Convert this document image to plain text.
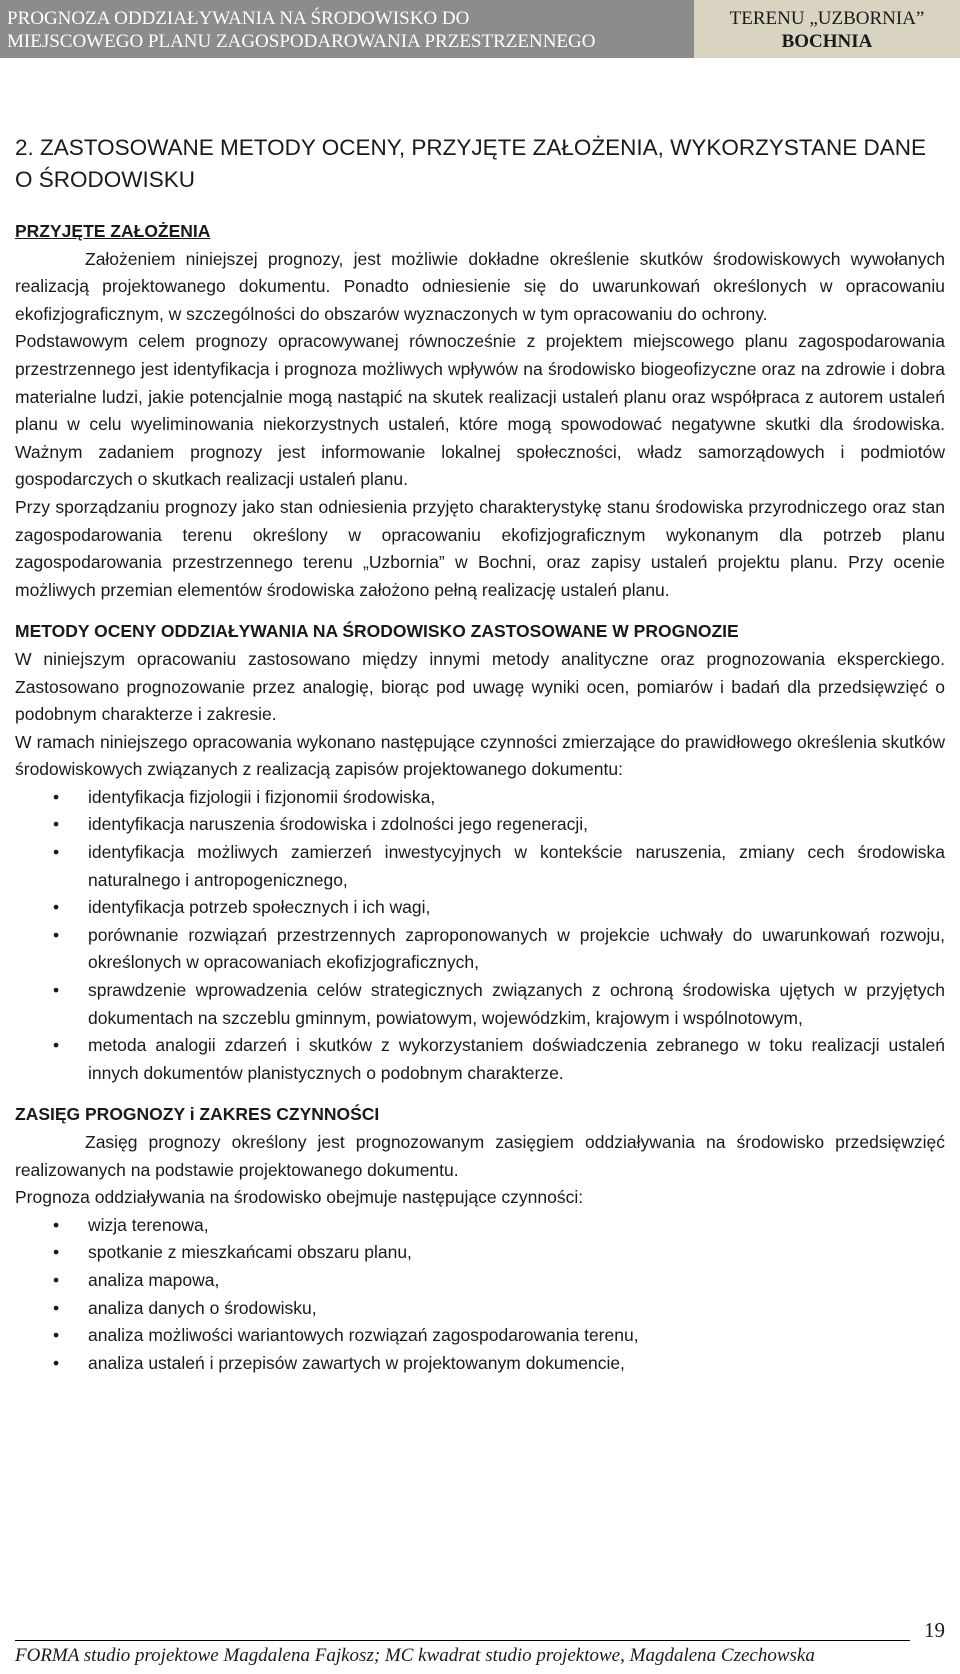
PROGNOZA ODDZIAŁYWANIA NA ŚRODOWISKO DO
MIEJSCOWEGO PLANU ZAGOSPODAROWANIA PRZESTRZENNEGO
TERENU „UZBORNIA”
BOCHNIA
2. ZASTOSOWANE METODY OCENY, PRZYJĘTE ZAŁOŻENIA, WYKORZYSTANE DANE
O ŚRODOWISKU
PRZYJĘTE ZAŁOŻENIA

Założeniem niniejszej prognozy, jest możliwie dokładne określenie skutków środowiskowych wywołanych realizacją projektowanego dokumentu. Ponadto odniesienie się do uwarunkowań określonych w opracowaniu ekofizjograficznym, w szczególności do obszarów wyznaczonych w tym opracowaniu do ochrony.

Podstawowym celem prognozy opracowywanej równocześnie z projektem miejscowego planu zagospodarowania przestrzennego jest identyfikacja i prognoza możliwych wpływów na środowisko biogeofizyczne oraz na zdrowie i dobra materialne ludzi, jakie potencjalnie mogą nastąpić na skutek realizacji ustaleń planu oraz współpraca z autorem ustaleń planu w celu wyeliminowania niekorzystnych ustaleń, które mogą spowodować negatywne skutki dla środowiska. Ważnym zadaniem prognozy jest informowanie lokalnej społeczności, władz samorządowych i podmiotów gospodarczych o skutkach realizacji ustaleń planu.

Przy sporządzaniu prognozy jako stan odniesienia przyjęto charakterystykę stanu środowiska przyrodniczego oraz stan zagospodarowania terenu określony w opracowaniu ekofizjograficznym wykonanym dla potrzeb planu zagospodarowania przestrzennego terenu „Uzbornia” w Bochni, oraz zapisy ustaleń projektu planu. Przy ocenie możliwych przemian elementów środowiska założono pełną realizację ustaleń planu.

METODY OCENY ODDZIAŁYWANIA NA ŚRODOWISKO ZASTOSOWANE W PROGNOZIE

W niniejszym opracowaniu zastosowano między innymi metody analityczne oraz prognozowania eksperckiego. Zastosowano prognozowanie przez analogię, biorąc pod uwagę wyniki ocen, pomiarów i badań dla przedsięwzięć o podobnym charakterze i zakresie.

W ramach niniejszego opracowania wykonano następujące czynności zmierzające do prawidłowego określenia skutków środowiskowych związanych z realizacją zapisów projektowanego dokumentu:

• identyfikacja fizjologii i fizjonomii środowiska,
• identyfikacja naruszenia środowiska i zdolności jego regeneracji,
• identyfikacja możliwych zamierzeń inwestycyjnych w kontekście naruszenia, zmiany cech środowiska naturalnego i antropogenicznego,
• identyfikacja potrzeb społecznych i ich wagi,
• porównanie rozwiązań przestrzennych zaproponowanych w projekcie uchwały do uwarunkowań rozwoju, określonych w opracowaniach ekofizjograficznych,
• sprawdzenie wprowadzenia celów strategicznych związanych z ochroną środowiska ujętych w przyjętych dokumentach na szczeblu gminnym, powiatowym, wojewódzkim, krajowym i wspólnotowym,
• metoda analogii zdarzeń i skutków z wykorzystaniem doświadczenia zebranego w toku realizacji ustaleń innych dokumentów planistycznych o podobnym charakterze.
ZASIĘG PROGNOZY i ZAKRES CZYNNOŚCI

Zasięg prognozy określony jest prognozowanym zasięgiem oddziaływania na środowisko przedsięwzięć realizowanych na podstawie projektowanego dokumentu.

Prognoza oddziaływania na środowisko obejmuje następujące czynności:

• wizja terenowa,
• spotkanie z mieszkańcami obszaru planu,
• analiza mapowa,
• analiza danych o środowisku,
• analiza możliwości wariantowych rozwiązań zagospodarowania terenu,
• analiza ustaleń i przepisów zawartych w projektowanym dokumencie,
19
FORMA studio projektowe Magdalena Fajkosz; MC kwadrat studio projektowe, Magdalena Czechowska
